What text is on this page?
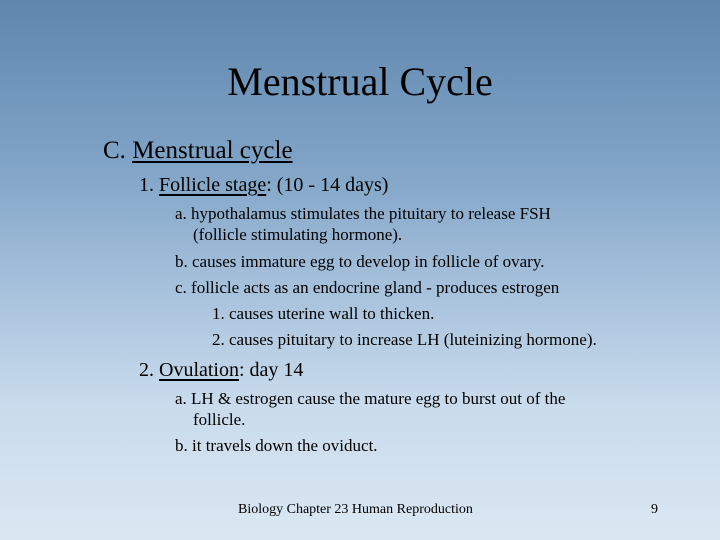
Menstrual Cycle
C. Menstrual cycle
1. Follicle stage: (10 - 14 days)
a. hypothalamus stimulates the pituitary to release FSH
(follicle stimulating hormone).
b. causes immature egg to develop in follicle of ovary.
c. follicle acts as an endocrine gland - produces estrogen
1. causes uterine wall to thicken.
2. causes pituitary to increase LH (luteinizing hormone).
2. Ovulation: day 14
a. LH & estrogen cause the mature egg to burst out of the
follicle.
b. it travels down the oviduct.
Biology Chapter 23 Human Reproduction	9
